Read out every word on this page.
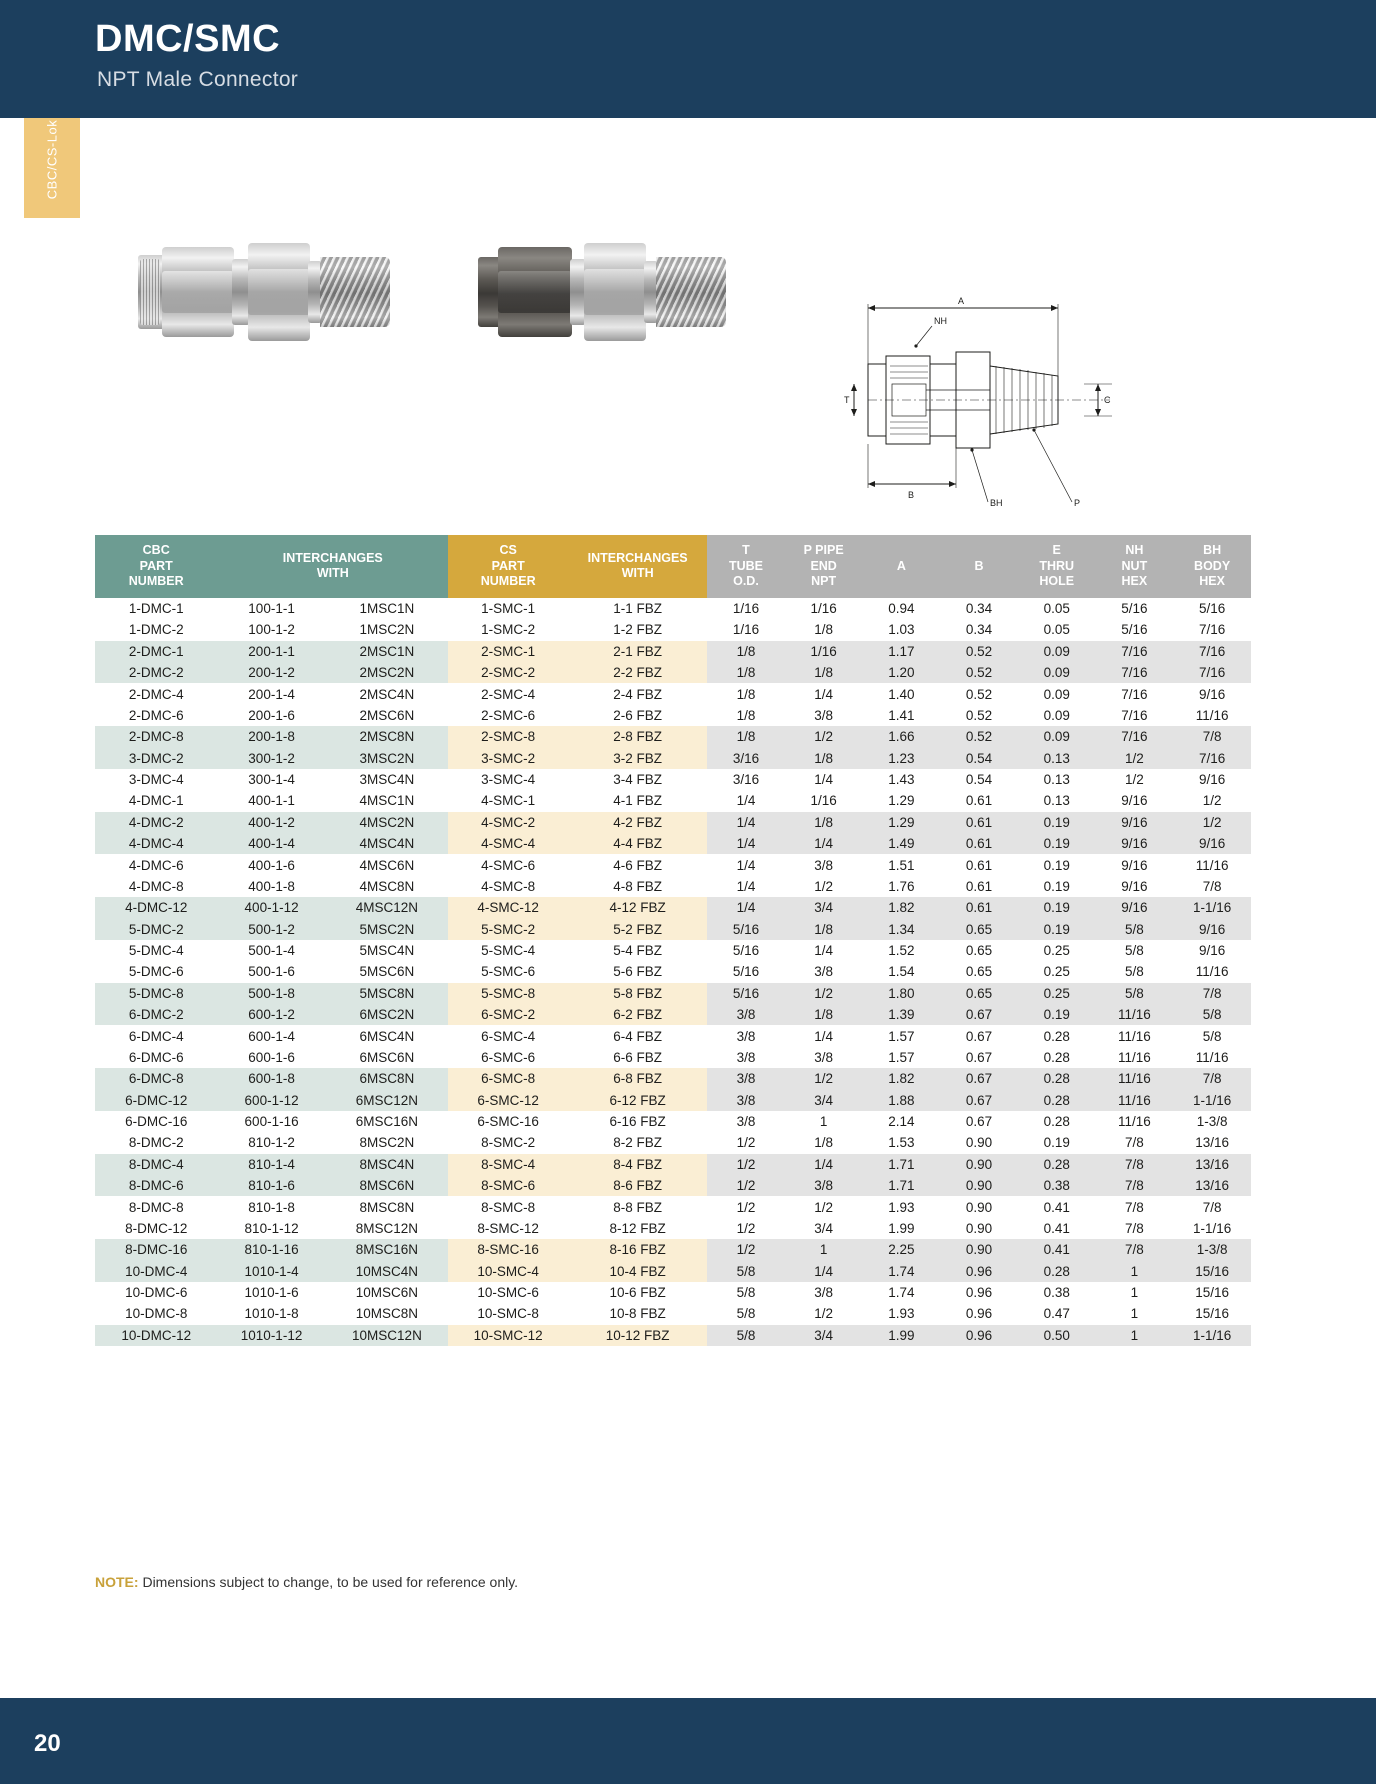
DMC/SMC
NPT Male Connector
CBC/CS-Lok
A
T	C
B
NH
BH	P
CBC
PART
NUMBER

INTERCHANGES
WITH

CS
PART
NUMBER

INTERCHANGES
WITH

T
TUBE
O.D.

P PIPE
END
NPT

A	B

E
THRU
HOLE

NH
NUT
HEX

BH
BODY
HEX

1-DMC-1	100-1-1	1MSC1N	1-SMC-1	1-1 FBZ	1/16	1/16	0.94	0.34	0.05	5/16	5/16
1-DMC-2	100-1-2	1MSC2N	1-SMC-2	1-2 FBZ	1/16	1/8	1.03	0.34	0.05	5/16	7/16
2-DMC-1	200-1-1	2MSC1N	2-SMC-1	2-1 FBZ	1/8	1/16	1.17	0.52	0.09	7/16	7/16
2-DMC-2	200-1-2	2MSC2N	2-SMC-2	2-2 FBZ	1/8	1/8	1.20	0.52	0.09	7/16	7/16
2-DMC-4	200-1-4	2MSC4N	2-SMC-4	2-4 FBZ	1/8	1/4	1.40	0.52	0.09	7/16	9/16
2-DMC-6	200-1-6	2MSC6N	2-SMC-6	2-6 FBZ	1/8	3/8	1.41	0.52	0.09	7/16	11/16
2-DMC-8	200-1-8	2MSC8N	2-SMC-8	2-8 FBZ	1/8	1/2	1.66	0.52	0.09	7/16	7/8
3-DMC-2	300-1-2	3MSC2N	3-SMC-2	3-2 FBZ	3/16	1/8	1.23	0.54	0.13	1/2	7/16
3-DMC-4	300-1-4	3MSC4N	3-SMC-4	3-4 FBZ	3/16	1/4	1.43	0.54	0.13	1/2	9/16
4-DMC-1	400-1-1	4MSC1N	4-SMC-1	4-1 FBZ	1/4	1/16	1.29	0.61	0.13	9/16	1/2
4-DMC-2	400-1-2	4MSC2N	4-SMC-2	4-2 FBZ	1/4	1/8	1.29	0.61	0.19	9/16	1/2
4-DMC-4	400-1-4	4MSC4N	4-SMC-4	4-4 FBZ	1/4	1/4	1.49	0.61	0.19	9/16	9/16
4-DMC-6	400-1-6	4MSC6N	4-SMC-6	4-6 FBZ	1/4	3/8	1.51	0.61	0.19	9/16	11/16
4-DMC-8	400-1-8	4MSC8N	4-SMC-8	4-8 FBZ	1/4	1/2	1.76	0.61	0.19	9/16	7/8
4-DMC-12	400-1-12	4MSC12N	4-SMC-12	4-12 FBZ	1/4	3/4	1.82	0.61	0.19	9/16	1-1/16
5-DMC-2	500-1-2	5MSC2N	5-SMC-2	5-2 FBZ	5/16	1/8	1.34	0.65	0.19	5/8	9/16
5-DMC-4	500-1-4	5MSC4N	5-SMC-4	5-4 FBZ	5/16	1/4	1.52	0.65	0.25	5/8	9/16
5-DMC-6	500-1-6	5MSC6N	5-SMC-6	5-6 FBZ	5/16	3/8	1.54	0.65	0.25	5/8	11/16
5-DMC-8	500-1-8	5MSC8N	5-SMC-8	5-8 FBZ	5/16	1/2	1.80	0.65	0.25	5/8	7/8
6-DMC-2	600-1-2	6MSC2N	6-SMC-2	6-2 FBZ	3/8	1/8	1.39	0.67	0.19	11/16	5/8
6-DMC-4	600-1-4	6MSC4N	6-SMC-4	6-4 FBZ	3/8	1/4	1.57	0.67	0.28	11/16	5/8
6-DMC-6	600-1-6	6MSC6N	6-SMC-6	6-6 FBZ	3/8	3/8	1.57	0.67	0.28	11/16	11/16
6-DMC-8	600-1-8	6MSC8N	6-SMC-8	6-8 FBZ	3/8	1/2	1.82	0.67	0.28	11/16	7/8
6-DMC-12	600-1-12	6MSC12N	6-SMC-12	6-12 FBZ	3/8	3/4	1.88	0.67	0.28	11/16	1-1/16
6-DMC-16	600-1-16	6MSC16N	6-SMC-16	6-16 FBZ	3/8	1	2.14	0.67	0.28	11/16	1-3/8
8-DMC-2	810-1-2	8MSC2N	8-SMC-2	8-2 FBZ	1/2	1/8	1.53	0.90	0.19	7/8	13/16
8-DMC-4	810-1-4	8MSC4N	8-SMC-4	8-4 FBZ	1/2	1/4	1.71	0.90	0.28	7/8	13/16
8-DMC-6	810-1-6	8MSC6N	8-SMC-6	8-6 FBZ	1/2	3/8	1.71	0.90	0.38	7/8	13/16
8-DMC-8	810-1-8	8MSC8N	8-SMC-8	8-8 FBZ	1/2	1/2	1.93	0.90	0.41	7/8	7/8
8-DMC-12	810-1-12	8MSC12N	8-SMC-12	8-12 FBZ	1/2	3/4	1.99	0.90	0.41	7/8	1-1/16
8-DMC-16	810-1-16	8MSC16N	8-SMC-16	8-16 FBZ	1/2	1	2.25	0.90	0.41	7/8	1-3/8
10-DMC-4	1010-1-4	10MSC4N	10-SMC-4	10-4 FBZ	5/8	1/4	1.74	0.96	0.28	1	15/16
10-DMC-6	1010-1-6	10MSC6N	10-SMC-6	10-6 FBZ	5/8	3/8	1.74	0.96	0.38	1	15/16
10-DMC-8	1010-1-8	10MSC8N	10-SMC-8	10-8 FBZ	5/8	1/2	1.93	0.96	0.47	1	15/16
10-DMC-12	1010-1-12	10MSC12N	10-SMC-12	10-12 FBZ	5/8	3/4	1.99	0.96	0.50	1	1-1/16
NOTE: Dimensions subject to change, to be used for reference only.
20
